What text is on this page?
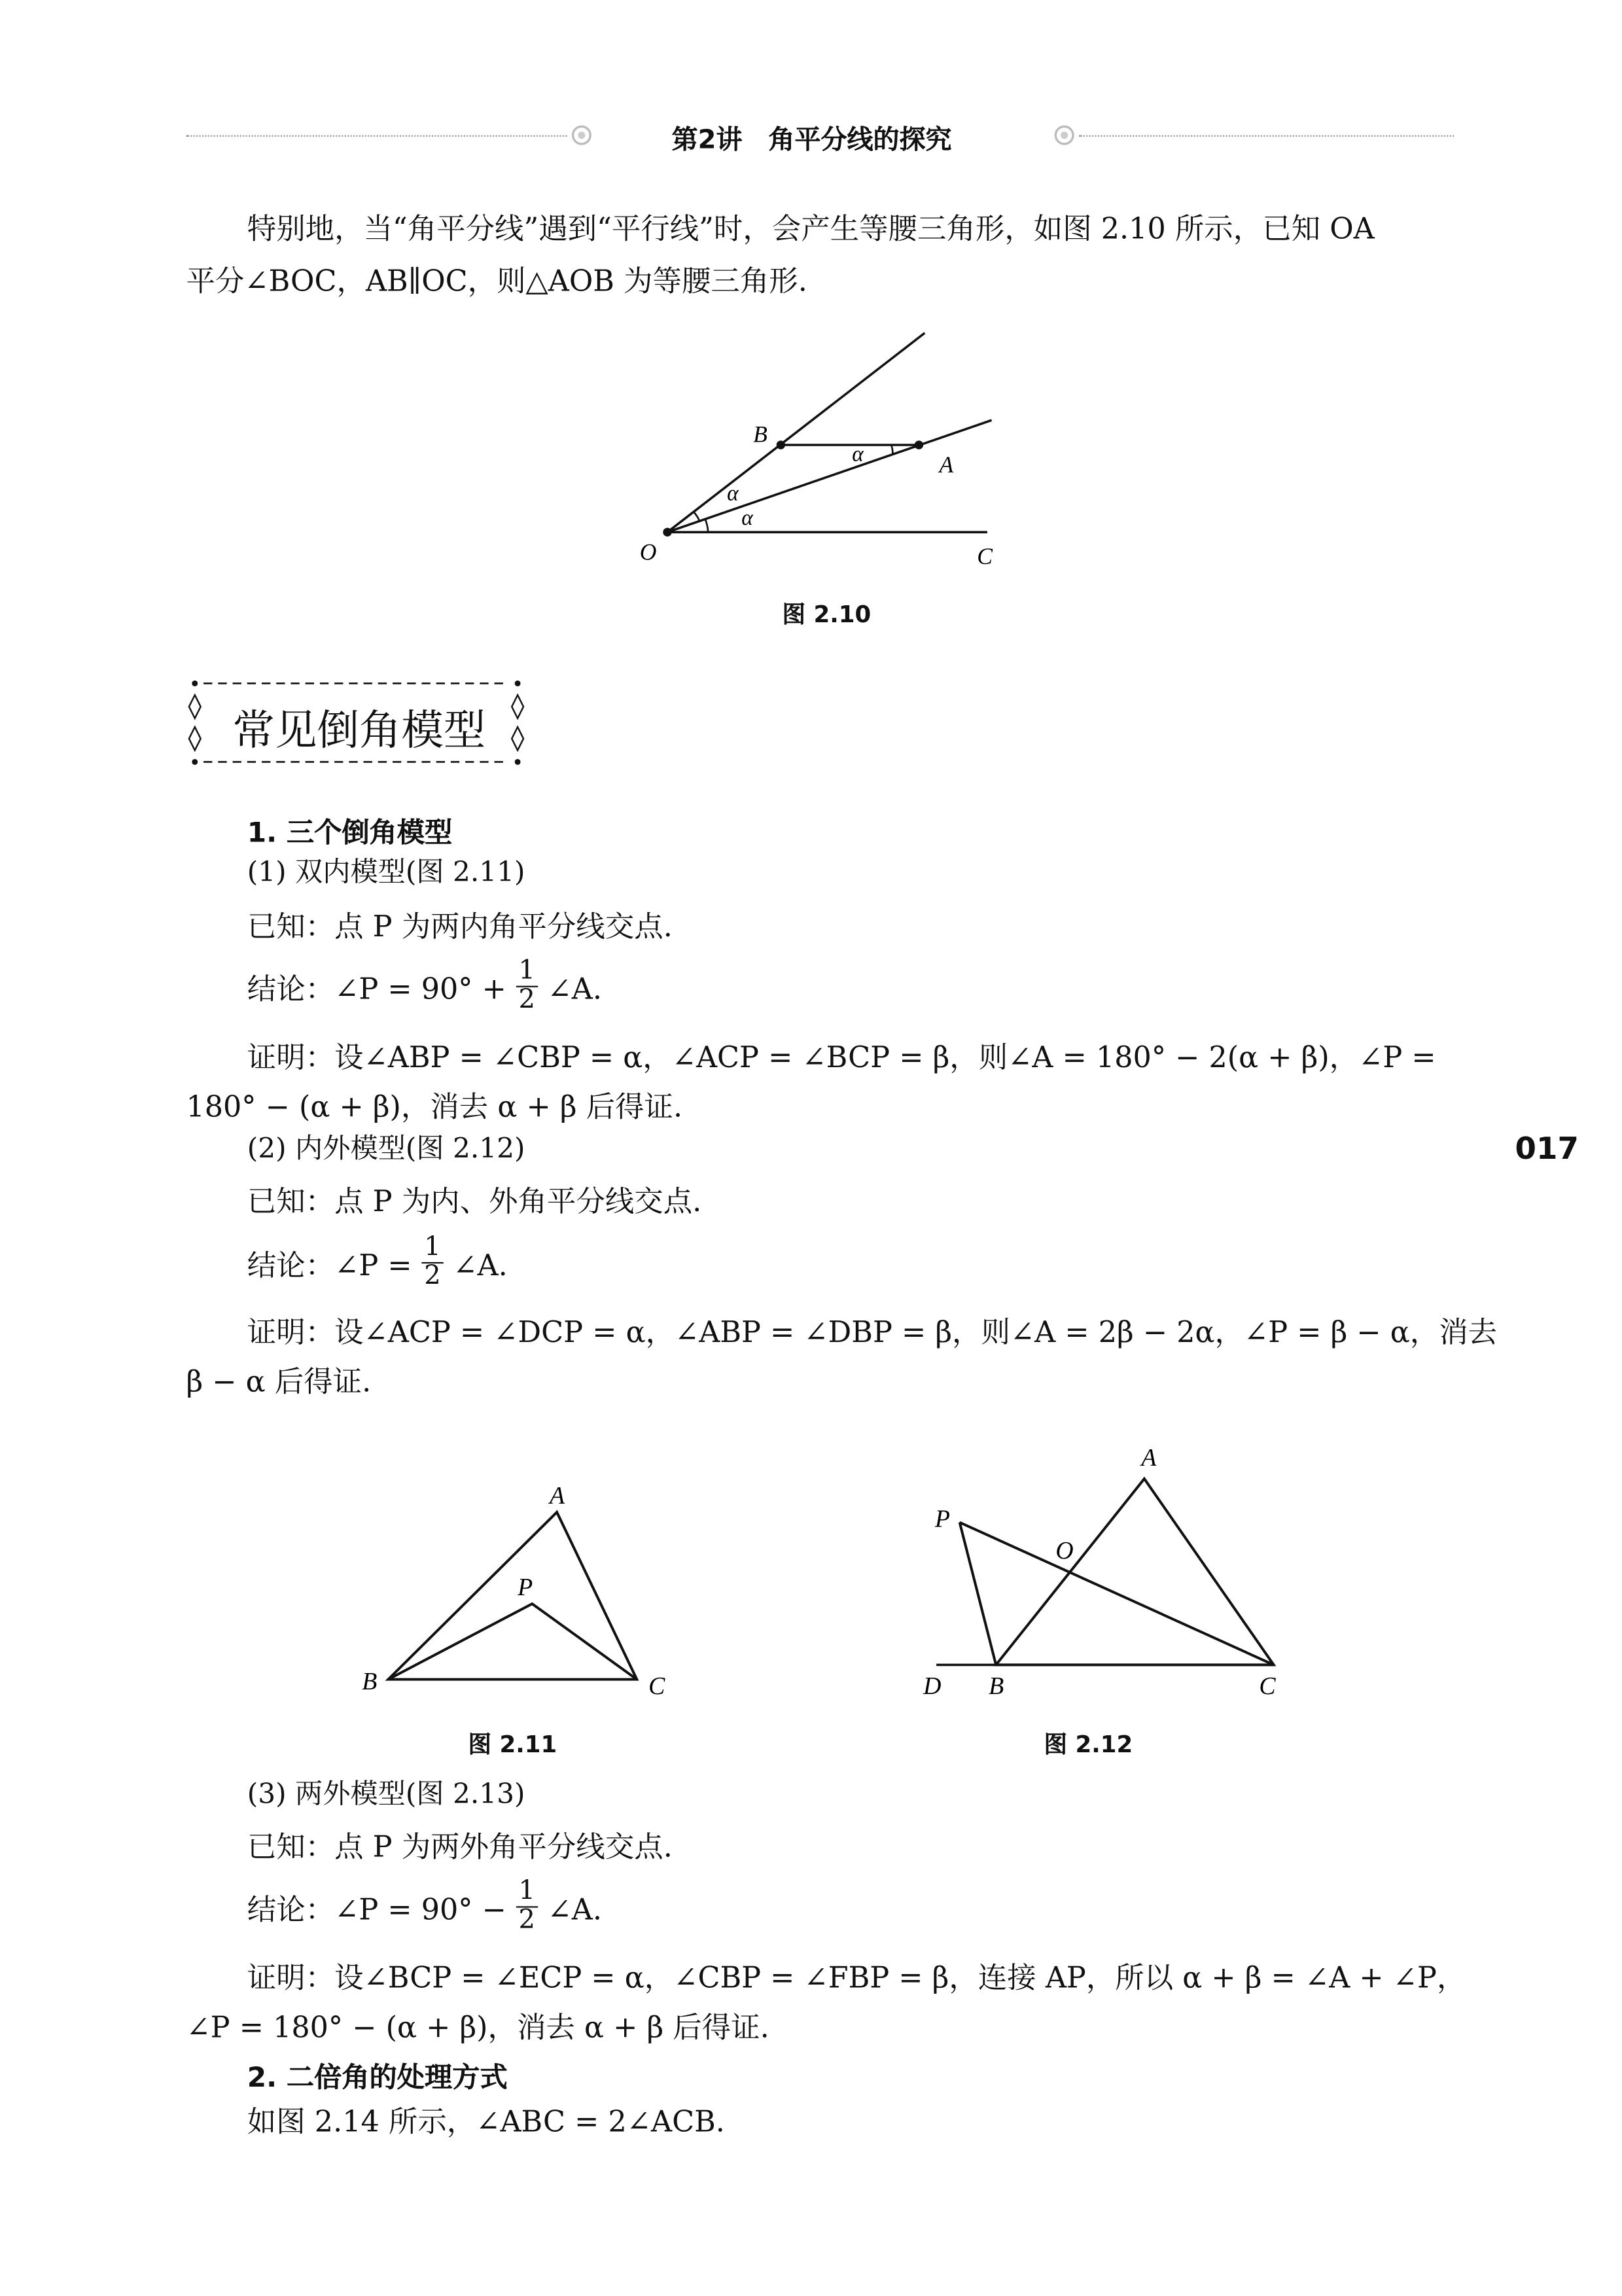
第2讲　角平分线的探究
特别地，当“角平分线”遇到“平行线”时，会产生等腰三角形，如图 2.10 所示，已知 OA
平分∠BOC，AB∥OC，则△AOB 为等腰三角形.
O	C
B
A
α
α
α
图 2.10
常见倒角模型
1. 三个倒角模型
(1) 双内模型(图 2.11)
已知：点 P 为两内角平分线交点.
结论：∠P = $90^\circ + \frac{1}{2}$ ∠A.
证明：设∠ABP = ∠CBP = α，∠ACP = ∠BCP = β，则∠A = 180° − 2(α + β)，∠P =
180° − (α + β)，消去 α + β 后得证.
(2) 内外模型(图 2.12)
已知：点 P 为内、外角平分线交点.
结论：∠P = $\frac{1}{2}$ ∠A.
证明：设∠ACP = ∠DCP = α，∠ABP = ∠DBP = β，则∠A = 2β − 2α，∠P = β − α，消去
β − α 后得证.
A
P
B	C
图 2.11
A
P
O
D	B	C
图 2.12
(3) 两外模型(图 2.13)
已知：点 P 为两外角平分线交点.
结论：∠P = $90^\circ - \frac{1}{2}$ ∠A.
证明：设∠BCP = ∠ECP = α，∠CBP = ∠FBP = β，连接 AP，所以 α + β = ∠A + ∠P，
∠P = 180° − (α + β)，消去 α + β 后得证.
2. 二倍角的处理方式
如图 2.14 所示，∠ABC = 2∠ACB.
017
